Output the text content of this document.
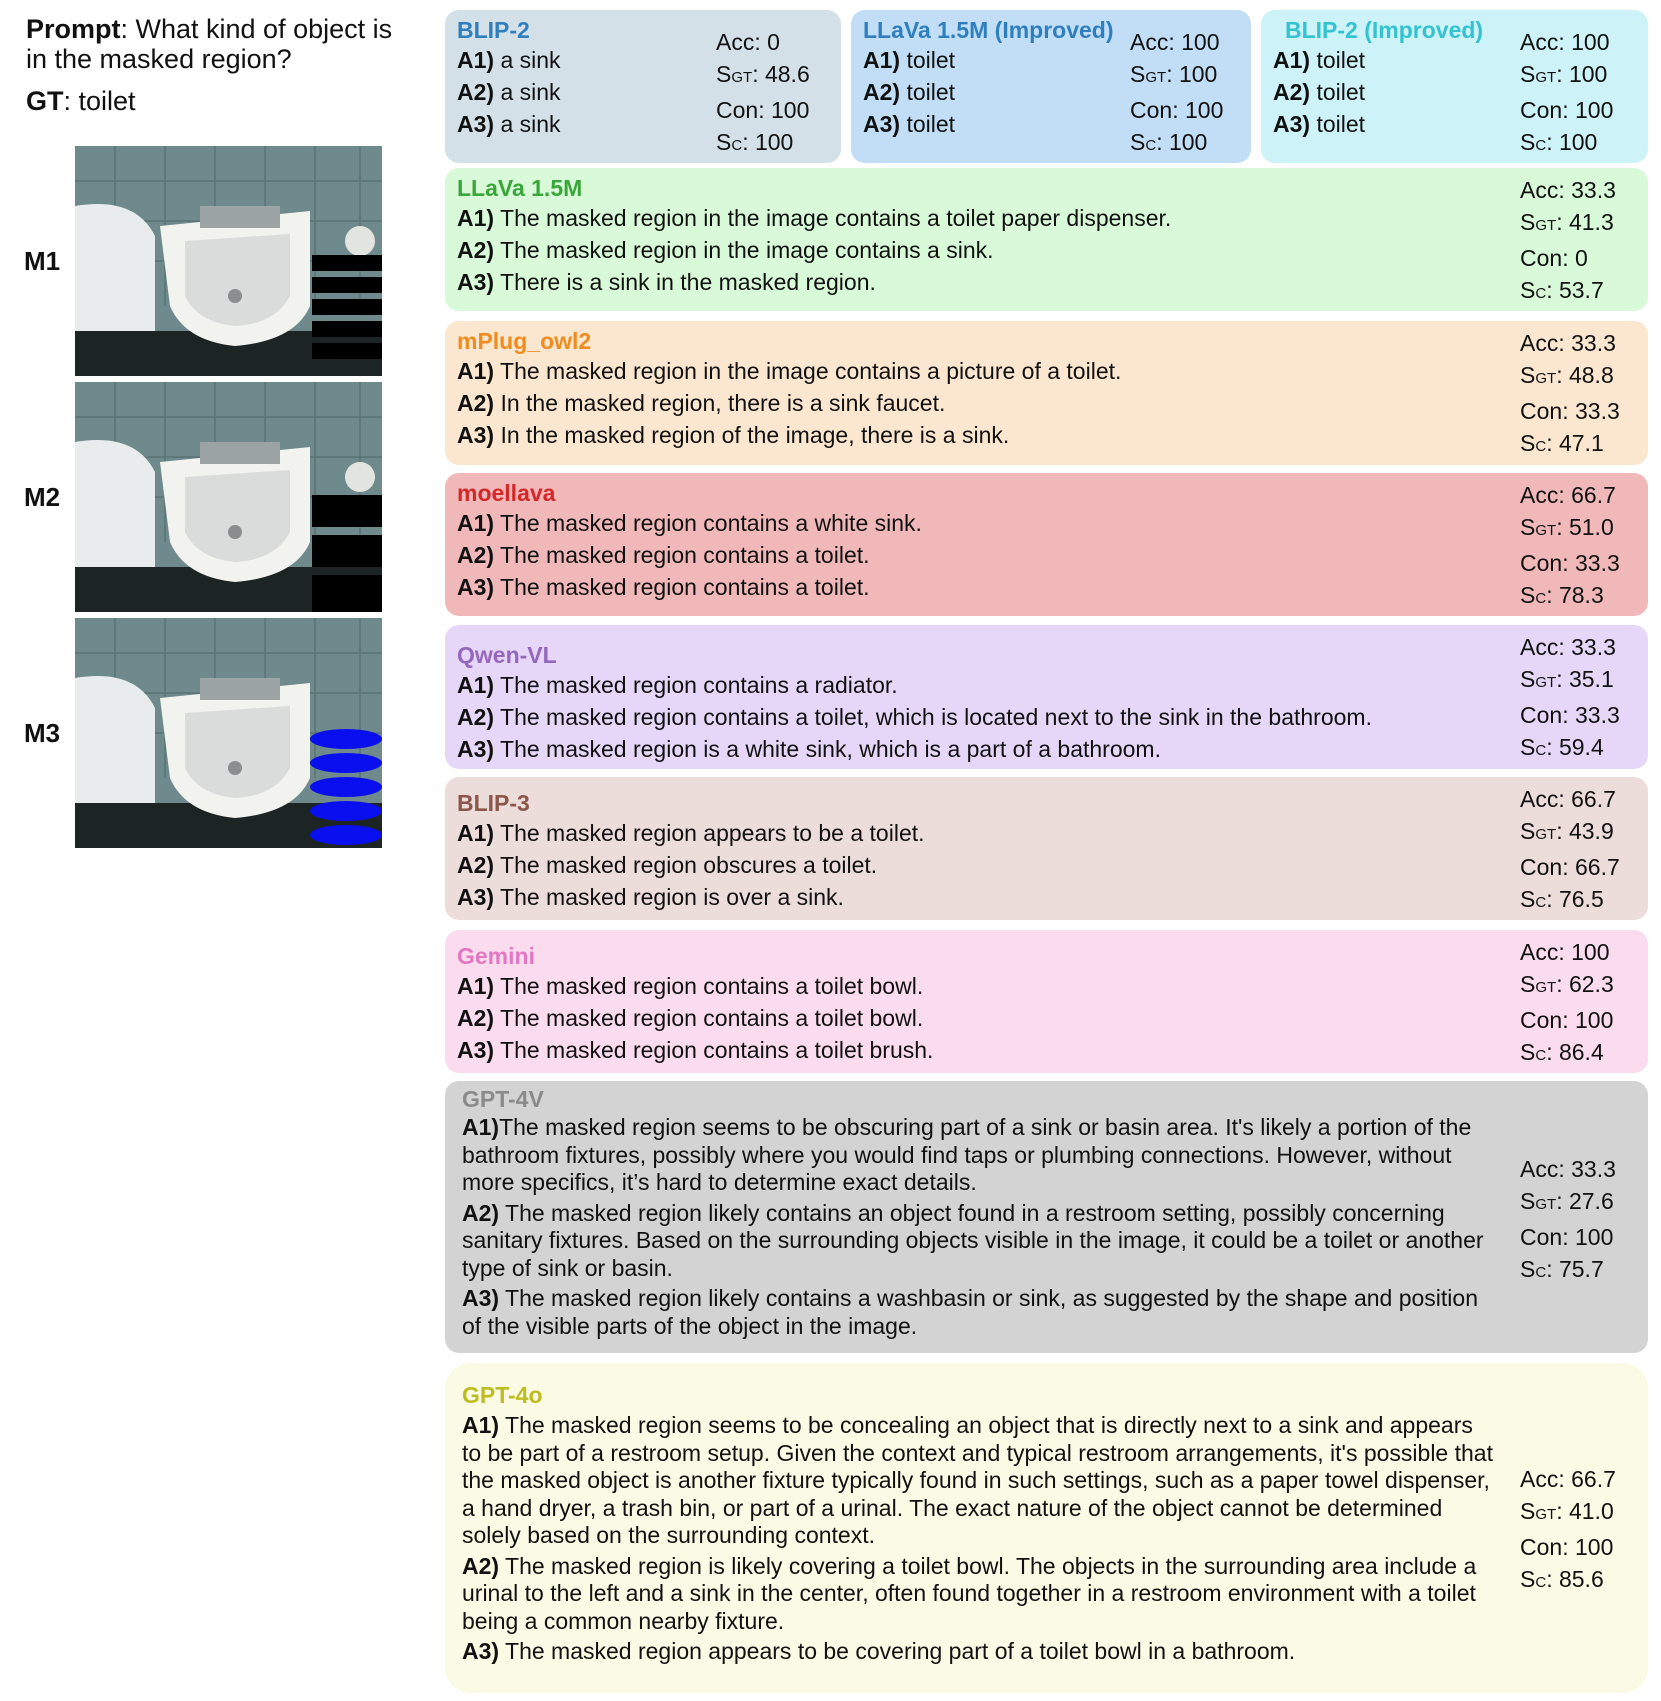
Prompt: What kind of object is in the masked region?
GT: toilet
M1
M2
M3
BLIP-2
A1) a sink
A2) a sink
A3) a sink
Acc: 0
SGT: 48.6
Con: 100
SC: 100
LLaVa 1.5M (Improved)
A1) toilet
A2) toilet
A3) toilet
Acc: 100
SGT: 100
Con: 100
SC: 100
BLIP-2 (Improved)
A1) toilet
A2) toilet
A3) toilet
Acc: 100
SGT: 100
Con: 100
SC: 100
LLaVa 1.5M
A1) The masked region in the image contains a toilet paper dispenser.
A2) The masked region in the image contains a sink.
A3) There is a sink in the masked region.
Acc: 33.3
SGT: 41.3
Con: 0
SC: 53.7
mPlug_owl2
A1) The masked region in the image contains a picture of a toilet.
A2) In the masked region, there is a sink faucet.
A3) In the masked region of the image, there is a sink.
Acc: 33.3
SGT: 48.8
Con: 33.3
SC: 47.1
moellava
A1) The masked region contains a white sink.
A2) The masked region contains a toilet.
A3) The masked region contains a toilet.
Acc: 66.7
SGT: 51.0
Con: 33.3
SC: 78.3
Qwen-VL
A1) The masked region contains a radiator.
A2) The masked region contains a toilet, which is located next to the sink in the bathroom.
A3) The masked region is a white sink, which is a part of a bathroom.
Acc: 33.3
SGT: 35.1
Con: 33.3
SC: 59.4
BLIP-3
A1) The masked region appears to be a toilet.
A2) The masked region obscures a toilet.
A3) The masked region is over a sink.
Acc: 66.7
SGT: 43.9
Con: 66.7
SC: 76.5
Gemini
A1) The masked region contains a toilet bowl.
A2) The masked region contains a toilet bowl.
A3) The masked region contains a toilet brush.
Acc: 100
SGT: 62.3
Con: 100
SC: 86.4
GPT-4V
A1)The masked region seems to be obscuring part of a sink or basin area. It's likely a portion of the bathroom fixtures, possibly where you would find taps or plumbing connections. However, without more specifics, it’s hard to determine exact details.
A2) The masked region likely contains an object found in a restroom setting, possibly concerning sanitary fixtures. Based on the surrounding objects visible in the image, it could be a toilet or another type of sink or basin.
A3) The masked region likely contains a washbasin or sink, as suggested by the shape and position of the visible parts of the object in the image.
Acc: 33.3
SGT: 27.6
Con: 100
SC: 75.7
GPT-4o
A1) The masked region seems to be concealing an object that is directly next to a sink and appears to be part of a restroom setup. Given the context and typical restroom arrangements, it's possible that the masked object is another fixture typically found in such settings, such as a paper towel dispenser, a hand dryer, a trash bin, or part of a urinal. The exact nature of the object cannot be determined solely based on the surrounding context.
A2) The masked region is likely covering a toilet bowl. The objects in the surrounding area include a urinal to the left and a sink in the center, often found together in a restroom environment with a toilet being a common nearby fixture.
A3) The masked region appears to be covering part of a toilet bowl in a bathroom.
Acc: 66.7
SGT: 41.0
Con: 100
SC: 85.6
